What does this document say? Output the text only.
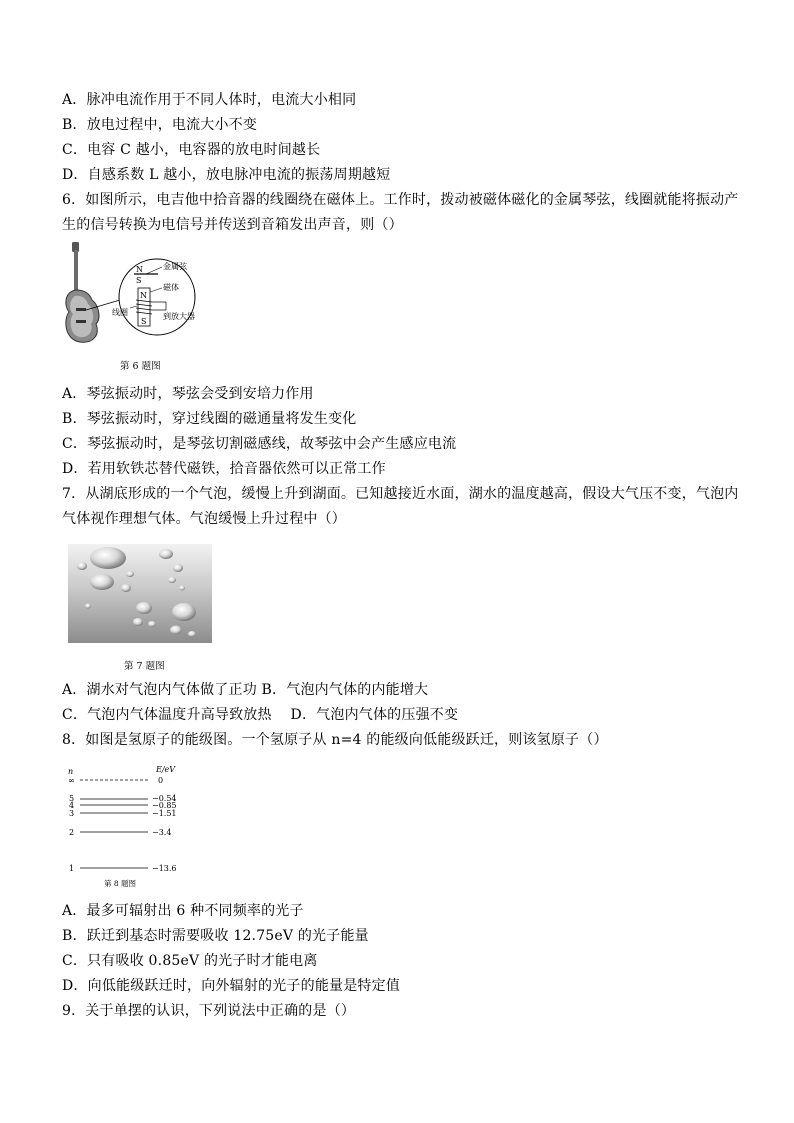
A．脉冲电流作用于不同人体时，电流大小相同
B．放电过程中，电流大小不变
C．电容 C 越小，电容器的放电时间越长
D．自感系数 L 越小，放电脉冲电流的振荡周期越短
6．如图所示，电吉他中拾音器的线圈绕在磁体上。工作时，拨动被磁体磁化的金属琴弦，线圈就能将振动产
生的信号转换为电信号并传送到音箱发出声音，则（）
N	金属弦
S
N
S
磁体
到放大器
线圈
第 6 题图
A．琴弦振动时，琴弦会受到安培力作用
B．琴弦振动时，穿过线圈的磁通量将发生变化
C．琴弦振动时，是琴弦切割磁感线，故琴弦中会产生感应电流
D．若用软铁芯替代磁铁，拾音器依然可以正常工作
7．从湖底形成的一个气泡，缓慢上升到湖面。已知越接近水面，湖水的温度越高，假设大气压不变，气泡内
气体视作理想气体。气泡缓慢上升过程中（）
第 7 题图
A．湖水对气泡内气体做了正功 B．气泡内气体的内能增大
C．气泡内气体温度升高导致放热　 D．气泡内气体的压强不变
8．如图是氢原子的能级图。一个氢原子从 n=4 的能级向低能级跃迁，则该氢原子（）
n	E/eV
∞
5
4
3
2
1
0
−0.54
−0.85
−1.51
−3.4
−13.6
第 8 题图
A．最多可辐射出 6 种不同频率的光子
B．跃迁到基态时需要吸收 12.75eV 的光子能量
C．只有吸收 0.85eV 的光子时才能电离
D．向低能级跃迁时，向外辐射的光子的能量是特定值
9．关于单摆的认识，下列说法中正确的是（）
